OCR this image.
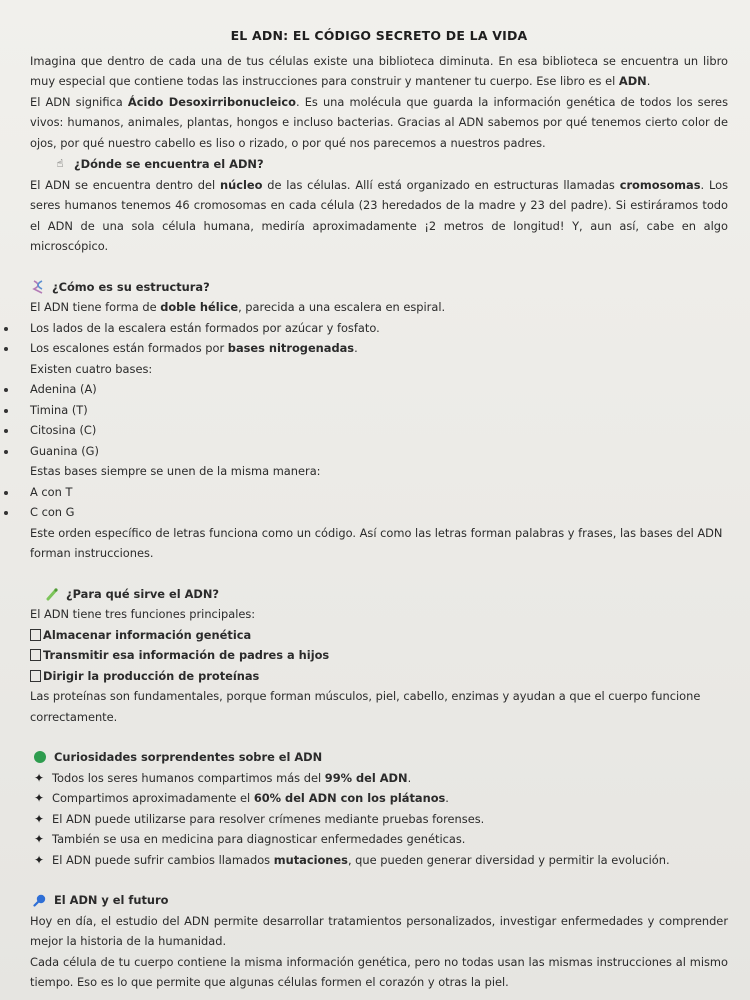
EL ADN: EL CÓDIGO SECRETO DE LA VIDA

Imagina que dentro de cada una de tus células existe una biblioteca diminuta. En esa biblioteca se encuentra un libro muy especial que contiene todas las instrucciones para construir y mantener tu cuerpo. Ese libro es el ADN.

El ADN significa Ácido Desoxirribonucleico. Es una molécula que guarda la información genética de todos los seres vivos: humanos, animales, plantas, hongos e incluso bacterias. Gracias al ADN sabemos por qué tenemos cierto color de ojos, por qué nuestro cabello es liso o rizado, o por qué nos parecemos a nuestros padres.

☝ ¿Dónde se encuentra el ADN?

El ADN se encuentra dentro del núcleo de las células. Allí está organizado en estructuras llamadas cromosomas. Los seres humanos tenemos 46 cromosomas en cada célula (23 heredados de la madre y 23 del padre). Si estiráramos todo el ADN de una sola célula humana, mediría aproximadamente ¡2 metros de longitud! Y, aun así, cabe en algo microscópico.

¿Cómo es su estructura?

El ADN tiene forma de doble hélice, parecida a una escalera en espiral.

Los lados de la escalera están formados por azúcar y fosfato.

Los escalones están formados por bases nitrogenadas.

Existen cuatro bases:

Adenina (A)

Timina (T)

Citosina (C)

Guanina (G)

Estas bases siempre se unen de la misma manera:

A con T

C con G

Este orden específico de letras funciona como un código. Así como las letras forman palabras y frases, las bases del ADN forman instrucciones.

¿Para qué sirve el ADN?

El ADN tiene tres funciones principales:

Almacenar información genética

Transmitir esa información de padres a hijos

Dirigir la producción de proteínas

Las proteínas son fundamentales, porque forman músculos, piel, cabello, enzimas y ayudan a que el cuerpo funcione correctamente.

Curiosidades sorprendentes sobre el ADN

✦ Todos los seres humanos compartimos más del 99% del ADN.

✦ Compartimos aproximadamente el 60% del ADN con los plátanos.

✦ El ADN puede utilizarse para resolver crímenes mediante pruebas forenses.

✦ También se usa en medicina para diagnosticar enfermedades genéticas.

✦ El ADN puede sufrir cambios llamados mutaciones, que pueden generar diversidad y permitir la evolución.

El ADN y el futuro

Hoy en día, el estudio del ADN permite desarrollar tratamientos personalizados, investigar enfermedades y comprender mejor la historia de la humanidad.

Cada célula de tu cuerpo contiene la misma información genética, pero no todas usan las mismas instrucciones al mismo tiempo. Eso es lo que permite que algunas células formen el corazón y otras la piel.
